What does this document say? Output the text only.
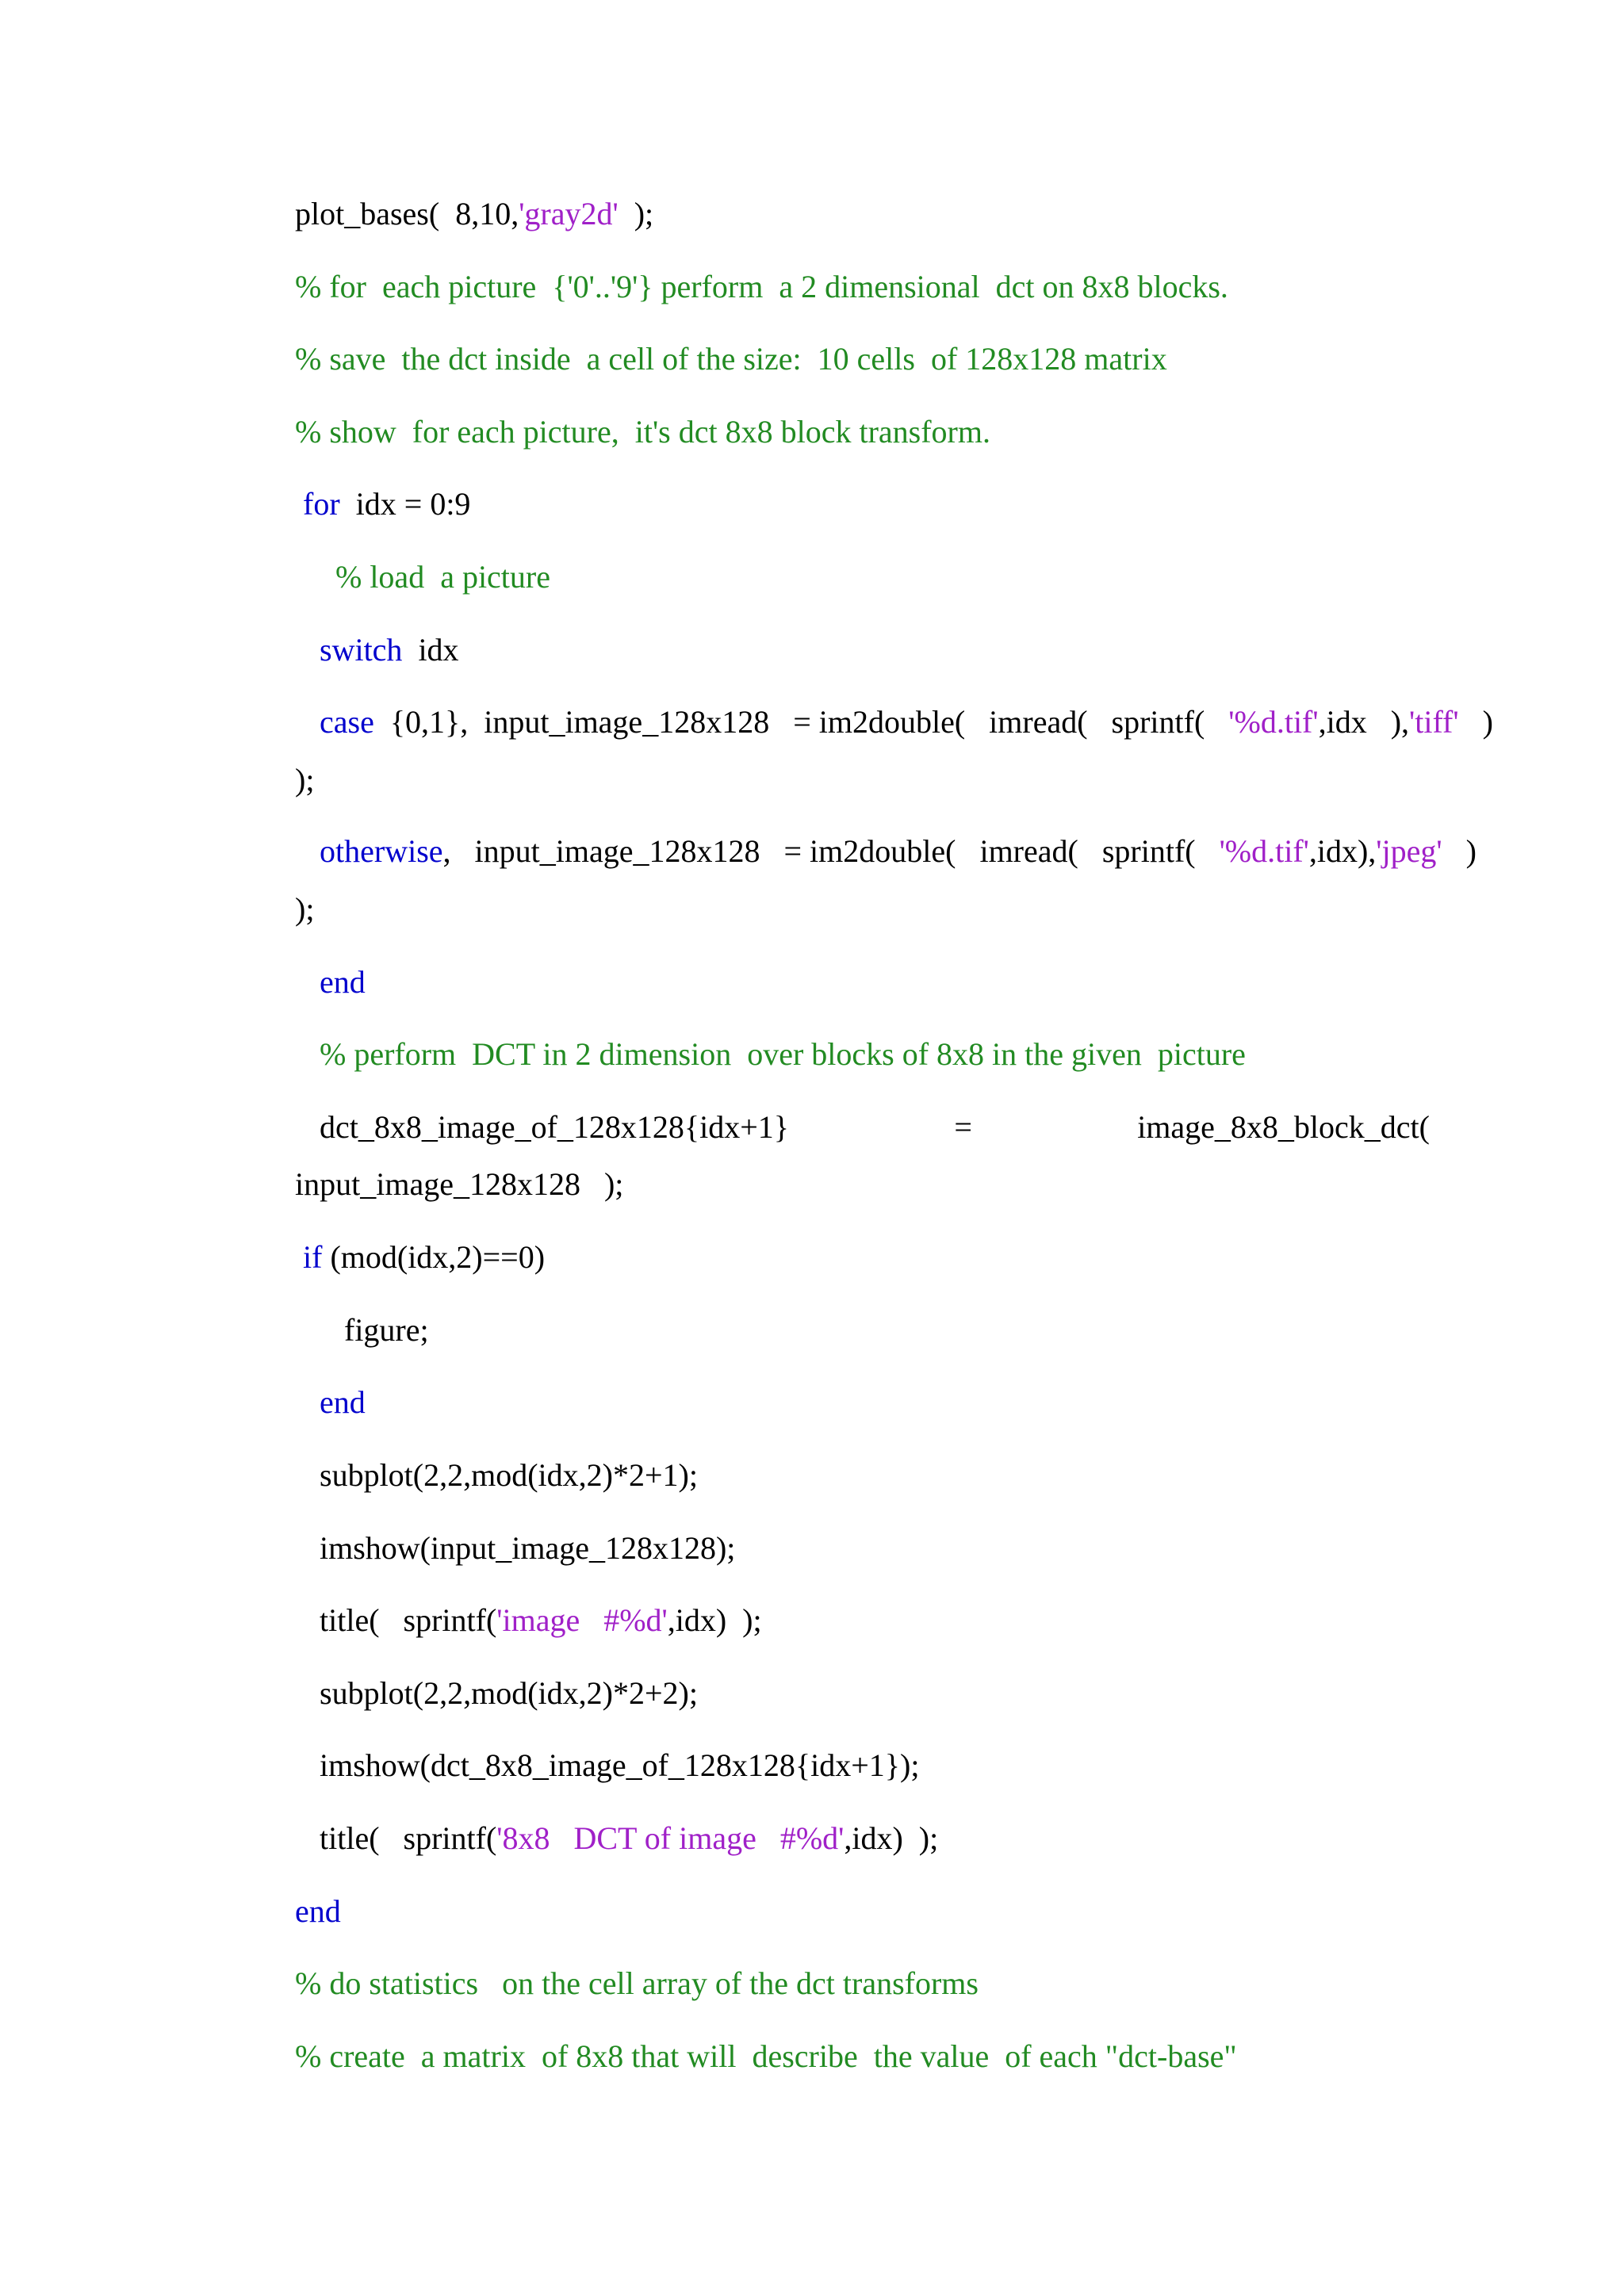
plot_bases(  8,10,'gray2d'  );

% for  each picture  {'0'..'9'} perform  a 2 dimensional  dct on 8x8 blocks.

% save  the dct inside  a cell of the size:  10 cells  of 128x128 matrix

% show  for each picture,  it's dct 8x8 block transform.

for  idx = 0:9

% load  a picture

switch  idx

case  {0,1},  input_image_128x128   = im2double(   imread(   sprintf(   '%d.tif',idx   ),'tiff'   )

);

otherwise,   input_image_128x128   = im2double(   imread(   sprintf(   '%d.tif',idx),'jpeg'   )

);

end

% perform  DCT in 2 dimension  over blocks of 8x8 in the given  picture

dct_8x8_image_of_128x128{idx+1}	=	image_8x8_block_dct(

input_image_128x128   );

if (mod(idx,2)==0)

figure;

end

subplot(2,2,mod(idx,2)*2+1);

imshow(input_image_128x128);

title(   sprintf('image   #%d',idx)  );

subplot(2,2,mod(idx,2)*2+2);

imshow(dct_8x8_image_of_128x128{idx+1});

title(   sprintf('8x8   DCT of image   #%d',idx)  );

end

% do statistics   on the cell array of the dct transforms

% create  a matrix  of 8x8 that will  describe  the value  of each "dct-base"
